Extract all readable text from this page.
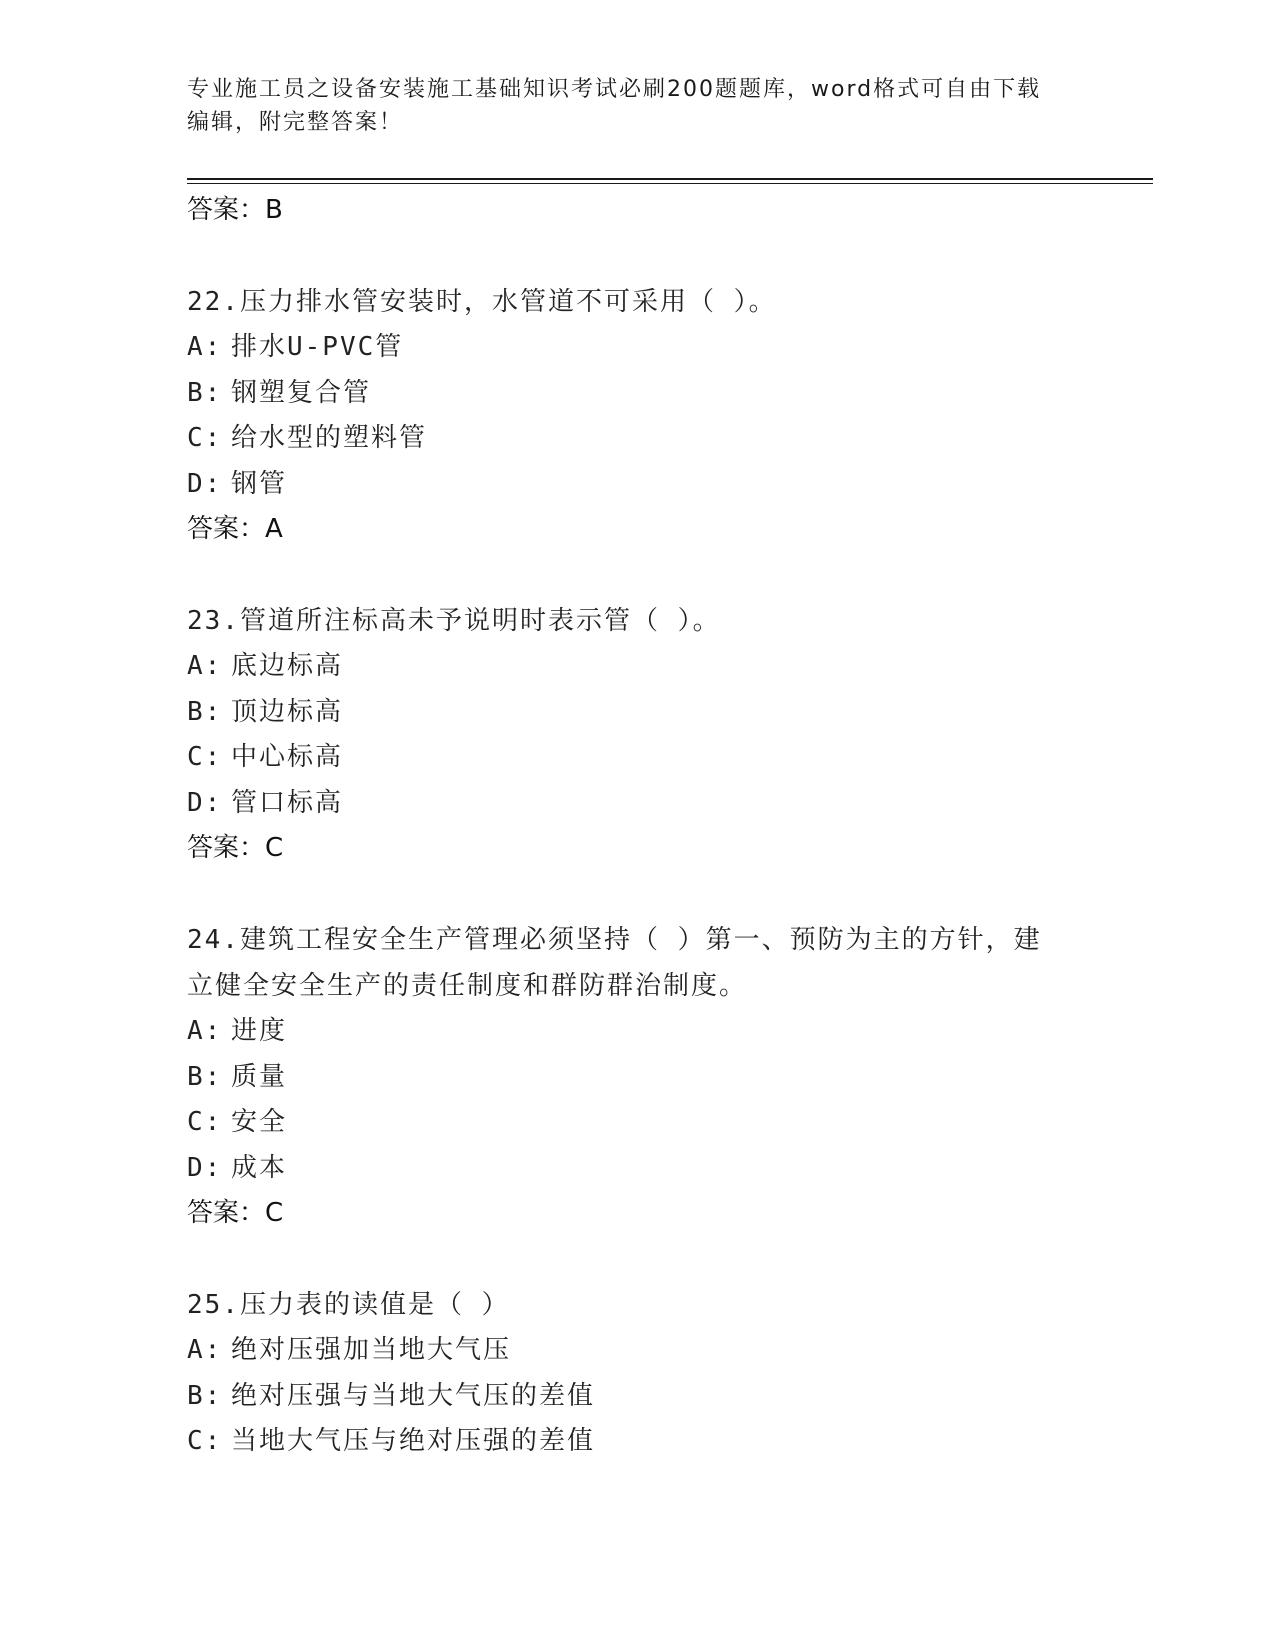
专业施工员之设备安装施工基础知识考试必刷200题题库，word格式可自由下载
编辑，附完整答案！
答案：B
22.压力排水管安装时，水管道不可采用（ ）。
A: 排水U-PVC管
B: 钢塑复合管
C: 给水型的塑料管
D: 钢管
答案：A
23.管道所注标高未予说明时表示管（ ）。
A: 底边标高
B: 顶边标高
C: 中心标高
D: 管口标高
答案：C
24.建筑工程安全生产管理必须坚持（ ）第一、预防为主的方针，建
立健全安全生产的责任制度和群防群治制度。
A: 进度
B: 质量
C: 安全
D: 成本
答案：C
25.压力表的读值是（ ）
A: 绝对压强加当地大气压
B: 绝对压强与当地大气压的差值
C: 当地大气压与绝对压强的差值
